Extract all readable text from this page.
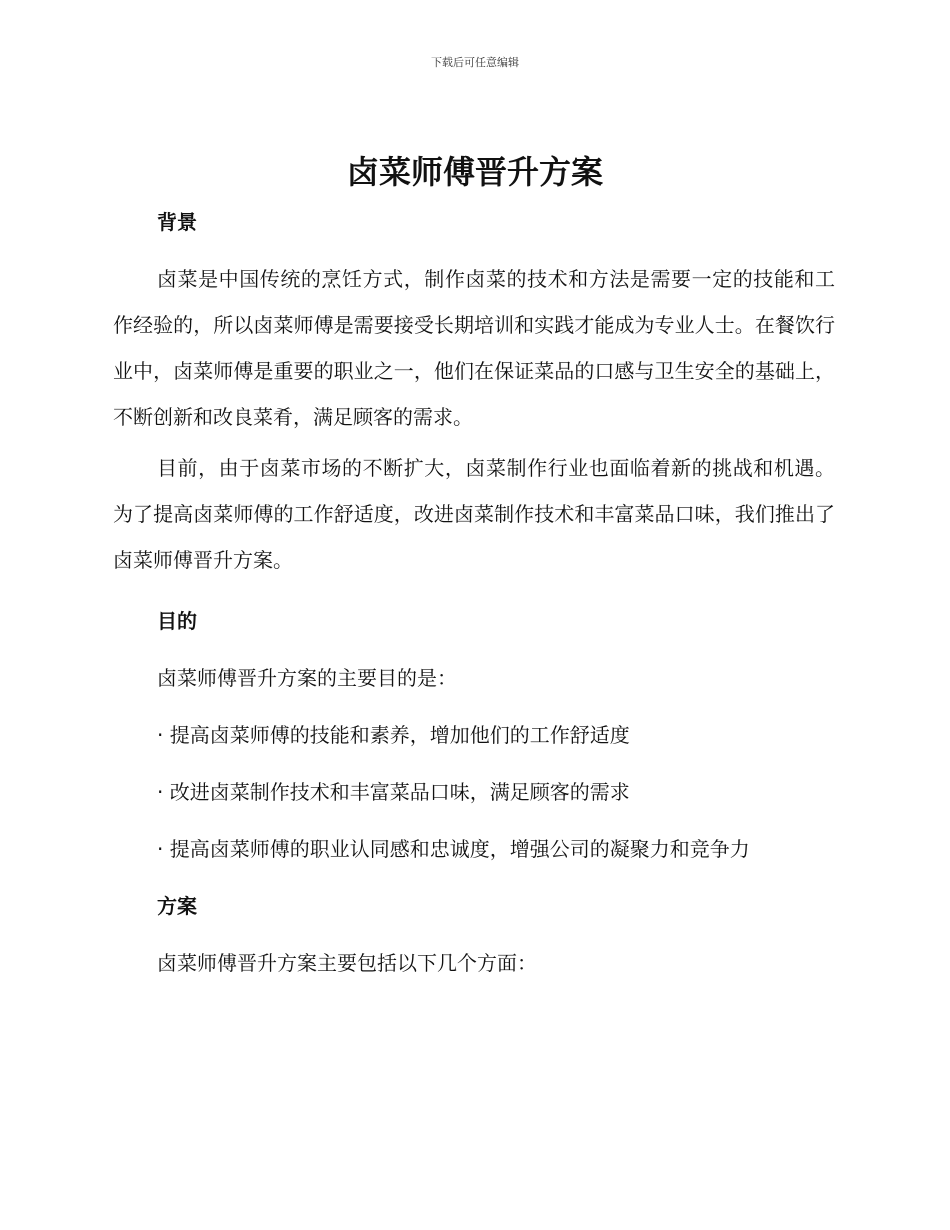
下载后可任意编辑
卤菜师傅晋升方案

背景

卤菜是中国传统的烹饪方式，制作卤菜的技术和方法是需要一定的技能和工作经验的，所以卤菜师傅是需要接受长期培训和实践才能成为专业人士。在餐饮行业中，卤菜师傅是重要的职业之一，他们在保证菜品的口感与卫生安全的基础上，不断创新和改良菜肴，满足顾客的需求。

目前，由于卤菜市场的不断扩大，卤菜制作行业也面临着新的挑战和机遇。为了提高卤菜师傅的工作舒适度，改进卤菜制作技术和丰富菜品口味，我们推出了卤菜师傅晋升方案。

目的

卤菜师傅晋升方案的主要目的是：

· 提高卤菜师傅的技能和素养，增加他们的工作舒适度

· 改进卤菜制作技术和丰富菜品口味，满足顾客的需求

· 提高卤菜师傅的职业认同感和忠诚度，增强公司的凝聚力和竞争力

方案

卤菜师傅晋升方案主要包括以下几个方面：
